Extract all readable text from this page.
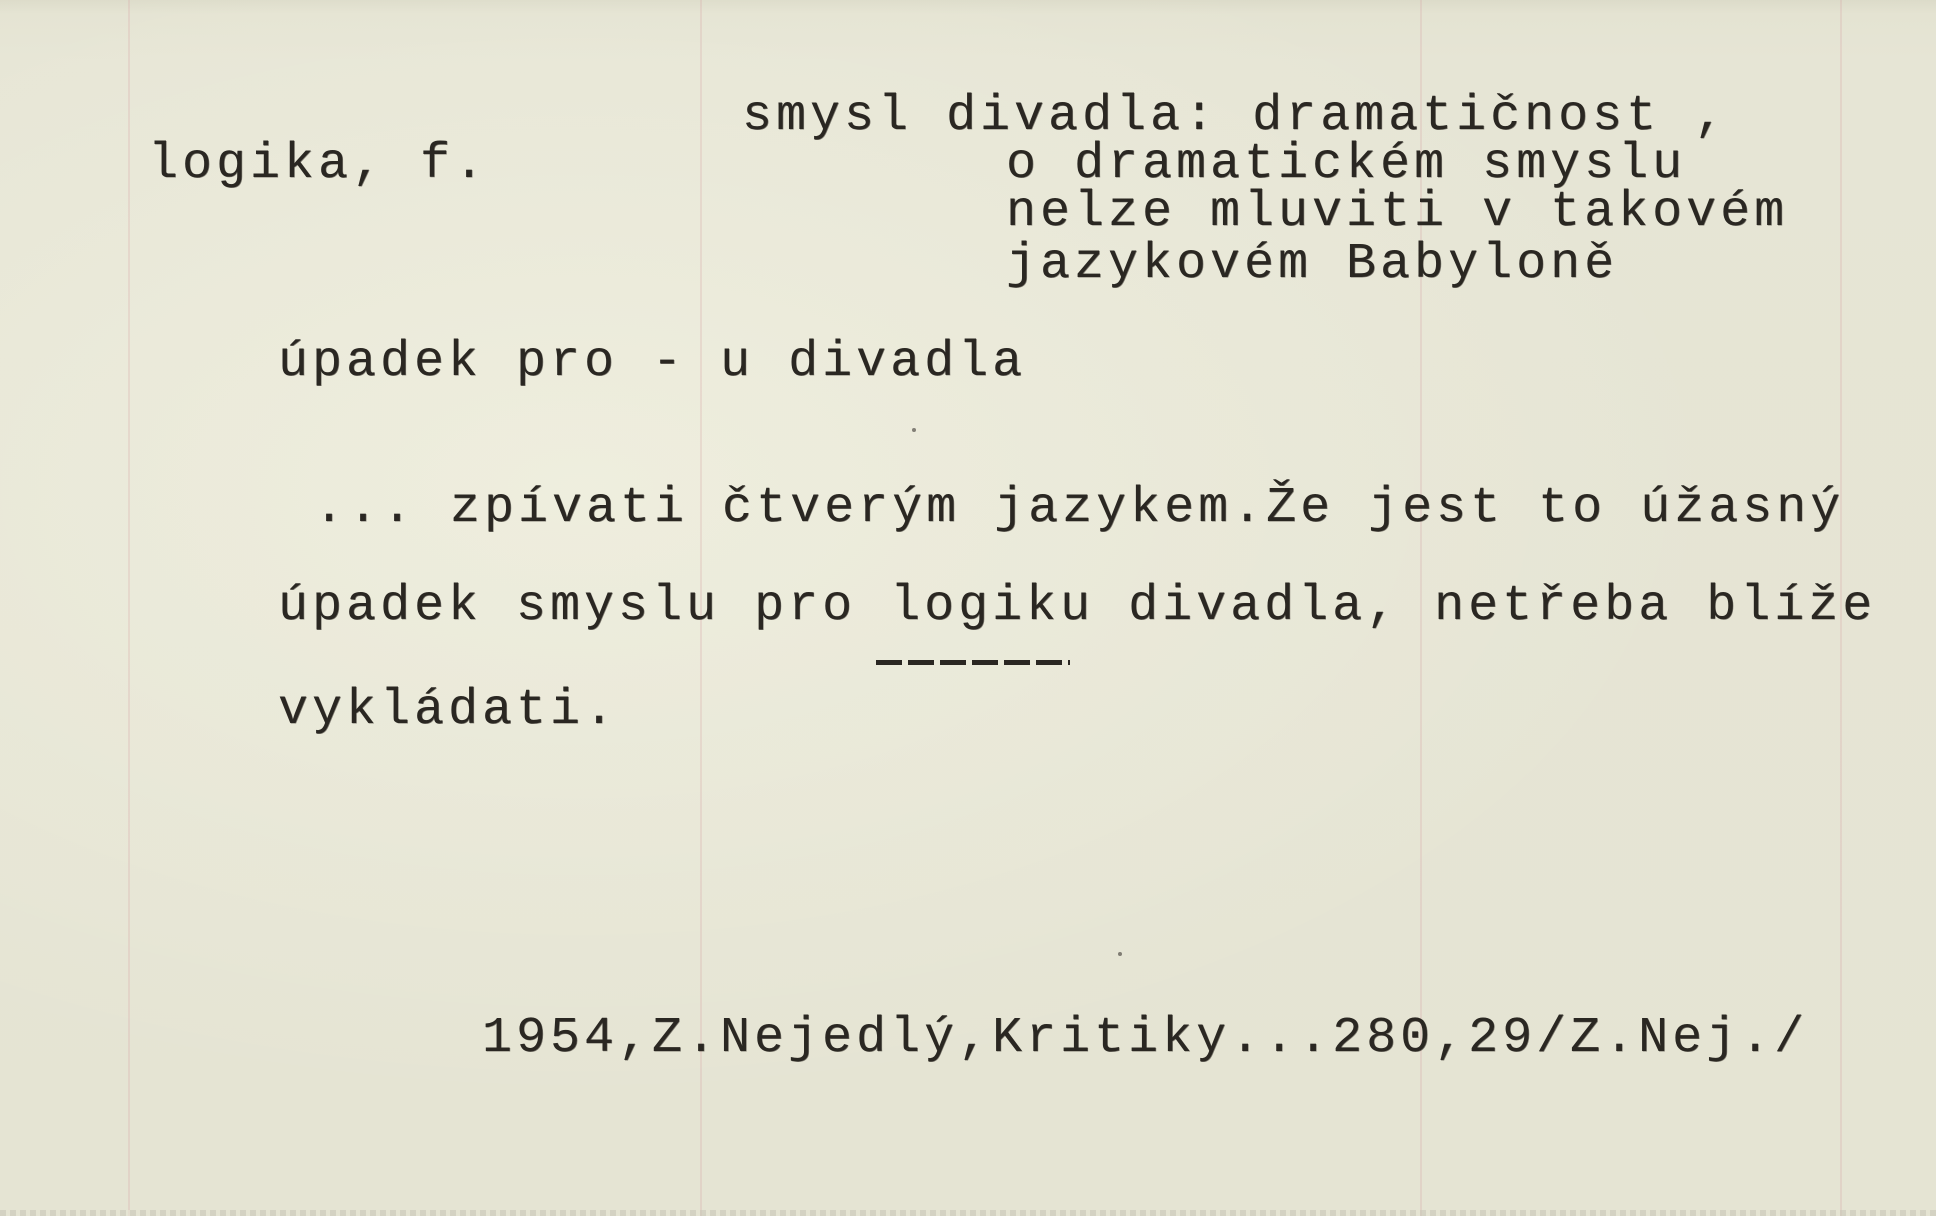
smysl divadla: dramatičnost ,
logika, f.	o dramatickém smyslu
nelze mluviti v takovém
jazykovém Babyloně
úpadek pro - u divadla
... zpívati čtverým jazykem.Že jest to úžasný
úpadek smyslu pro logiku divadla, netřeba blíže
vykládati.
1954,Z.Nejedlý,Kritiky...280,29/Z.Nej./
